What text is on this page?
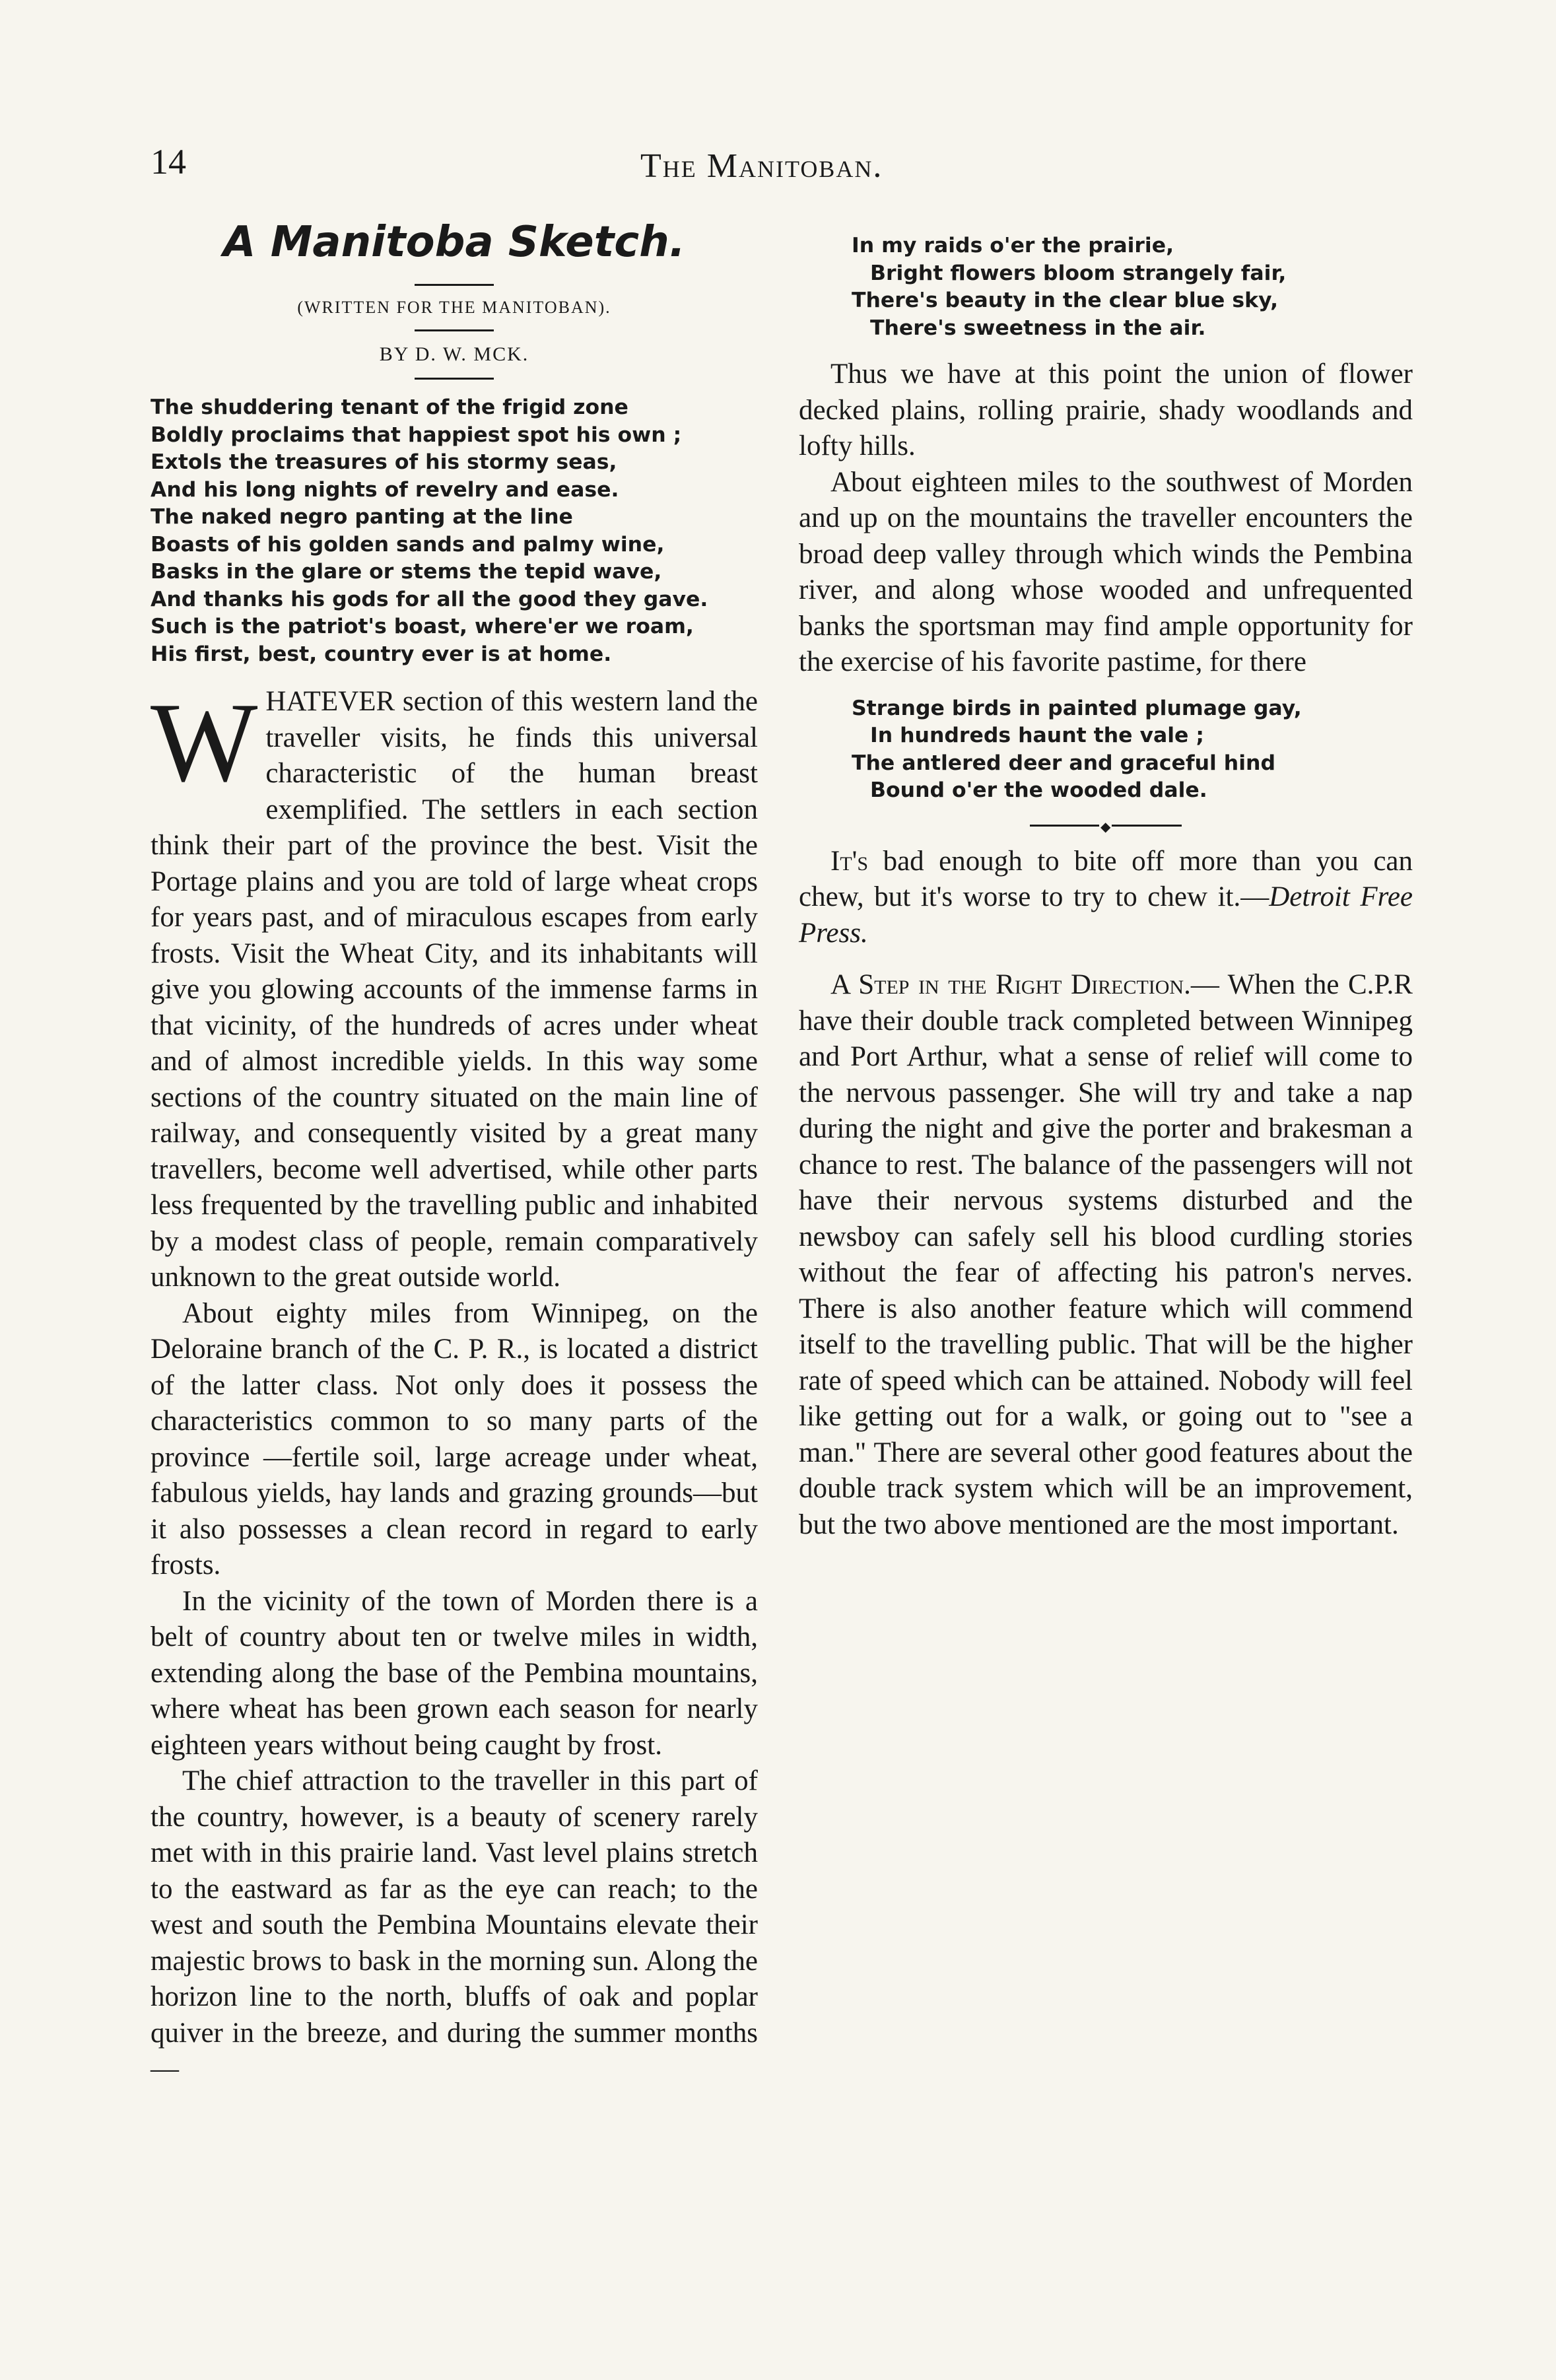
14	The Manitoban.
A Manitoba Sketch.
(WRITTEN FOR THE MANITOBAN).
BY D. W. MCK.
The shuddering tenant of the frigid zone
Boldly proclaims that happiest spot his own ;
Extols the treasures of his stormy seas,
And his long nights of revelry and ease.
The naked negro panting at the line
Boasts of his golden sands and palmy wine,
Basks in the glare or stems the tepid wave,
And thanks his gods for all the good they gave.
Such is the patriot's boast, where'er we roam,
His first, best, country ever is at home.

WHATEVER section of this western land the traveller visits, he finds this universal characteristic of the human breast exemplified. The settlers in each section think their part of the province the best. Visit the Portage plains and you are told of large wheat crops for years past, and of miraculous escapes from early frosts. Visit the Wheat City, and its inhabitants will give you glowing accounts of the immense farms in that vicinity, of the hundreds of acres under wheat and of almost incredible yields. In this way some sections of the country situated on the main line of railway, and consequently visited by a great many travellers, become well advertised, while other parts less frequented by the travelling public and inhabited by a modest class of people, remain comparatively unknown to the great outside world.

About eighty miles from Winnipeg, on the Deloraine branch of the C. P. R., is located a district of the latter class. Not only does it possess the characteristics common to so many parts of the province —fertile soil, large acreage under wheat, fabulous yields, hay lands and grazing grounds—but it also possesses a clean record in regard to early frosts.

In the vicinity of the town of Morden there is a belt of country about ten or twelve miles in width, extending along the base of the Pembina mountains, where wheat has been grown each season for nearly eighteen years without being caught by frost.

The chief attraction to the traveller in this part of the country, however, is a beauty of scenery rarely met with in this prairie land. Vast level plains stretch to the eastward as far as the eye can reach; to the west and south the Pembina Mountains elevate their majestic brows to bask in the morning sun. Along the horizon line to the north, bluffs of oak and poplar quiver in the breeze, and during the summer months—

In my raids o'er the prairie,
Bright flowers bloom strangely fair,
There's beauty in the clear blue sky,
There's sweetness in the air.

Thus we have at this point the union of flower decked plains, rolling prairie, shady woodlands and lofty hills.

About eighteen miles to the southwest of Morden and up on the mountains the traveller encounters the broad deep valley through which winds the Pembina river, and along whose wooded and unfrequented banks the sportsman may find ample opportunity for the exercise of his favorite pastime, for there

Strange birds in painted plumage gay,
In hundreds haunt the vale ;
The antlered deer and graceful hind
Bound o'er the wooded dale.
◆

It's bad enough to bite off more than you can chew, but it's worse to try to chew it.—Detroit Free Press.

A Step in the Right Direction.— When the C.P.R have their double track completed between Winnipeg and Port Arthur, what a sense of relief will come to the nervous passenger. She will try and take a nap during the night and give the porter and brakesman a chance to rest. The balance of the passengers will not have their nervous systems disturbed and the newsboy can safely sell his blood curdling stories without the fear of affecting his patron's nerves. There is also another feature which will commend itself to the travelling public. That will be the higher rate of speed which can be attained. Nobody will feel like getting out for a walk, or going out to "see a man." There are several other good features about the double track system which will be an improvement, but the two above mentioned are the most important.
